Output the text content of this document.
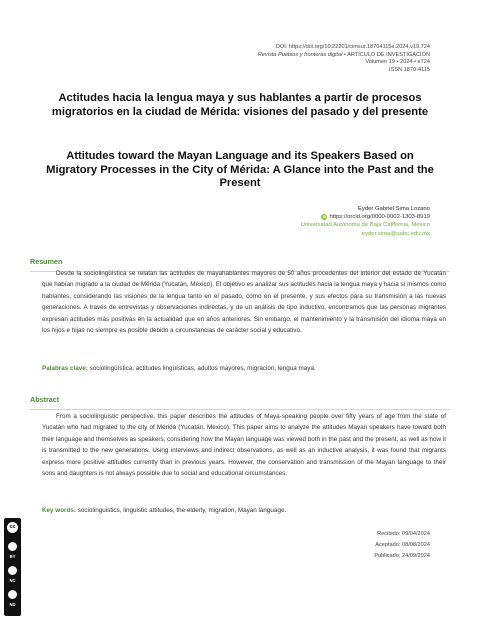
DOI: https://doi.org/10.22201/cimsur.18704115e.2024.v19.724
Revista Pueblos y fronteras digital • ARTÍCULO DE INVESTIGACIÓN
Volumen 19 • 2024 • e724
ISSN 1870-4115
Actitudes hacia la lengua maya y sus hablantes a partir de procesos migratorios en la ciudad de Mérida: visiones del pasado y del presente
Attitudes toward the Mayan Language and its Speakers Based on Migratory Processes in the City of Mérida: A Glance into the Past and the Present
Eyder Gabriel Sima Lozano
iD https://orcid.org/0000-0002-1303-8919
Universidad Autónoma de Baja California, México
eyder.sima@uabc.edu.mx
Resumen
Desde la sociolingüística se relatan las actitudes de mayahablantes mayores de 50 años procedentes del interior del estado de Yucatán que habían migrado a la ciudad de Mérida (Yucatán, México). El objetivo es analizar sus actitudes hacia la lengua maya y hacia sí mismos como hablantes, considerando las visiones de la lengua tanto en el pasado, como en el presente, y sus efectos para su transmisión a las nuevas generaciones. A través de entrevistas y observaciones indirectas, y de un análisis de tipo inductivo, encontramos que las personas migrantes expresan actitudes más positivas en la actualidad que en años anteriores. Sin embargo, el mantenimiento y la transmisión del idioma maya en los hijos e hijas no siempre es posible debido a circunstancias de carácter social y educativo.
Palabras clave: sociolingüística, actitudes lingüísticas, adultos mayores, migración, lengua maya.
Abstract
From a sociolinguistic perspective, this paper describes the attitudes of Maya-speaking people over fifty years of age from the state of Yucatán who had migrated to the city of Mérida (Yucatán, Mexico). This paper aims to analyze the attitudes Mayan speakers have toward both their language and themselves as speakers, considering how the Mayan language was viewed both in the past and the present, as well as how it is transmitted to the new generations. Using interviews and indirect observations, as well as an inductive analysis, it was found that migrants express more positive attitudes currently than in previous years. However, the conservation and transmission of the Mayan language to their sons and daughters is not always possible due to social and educational circumstances.
Key words: sociolinguistics, linguistic attitudes, the elderly, migration, Mayan language.
Recibido: 09/04/2024
Aceptado: 08/08/2024
Publicado: 24/09/2024
cc
BY
NC
ND
